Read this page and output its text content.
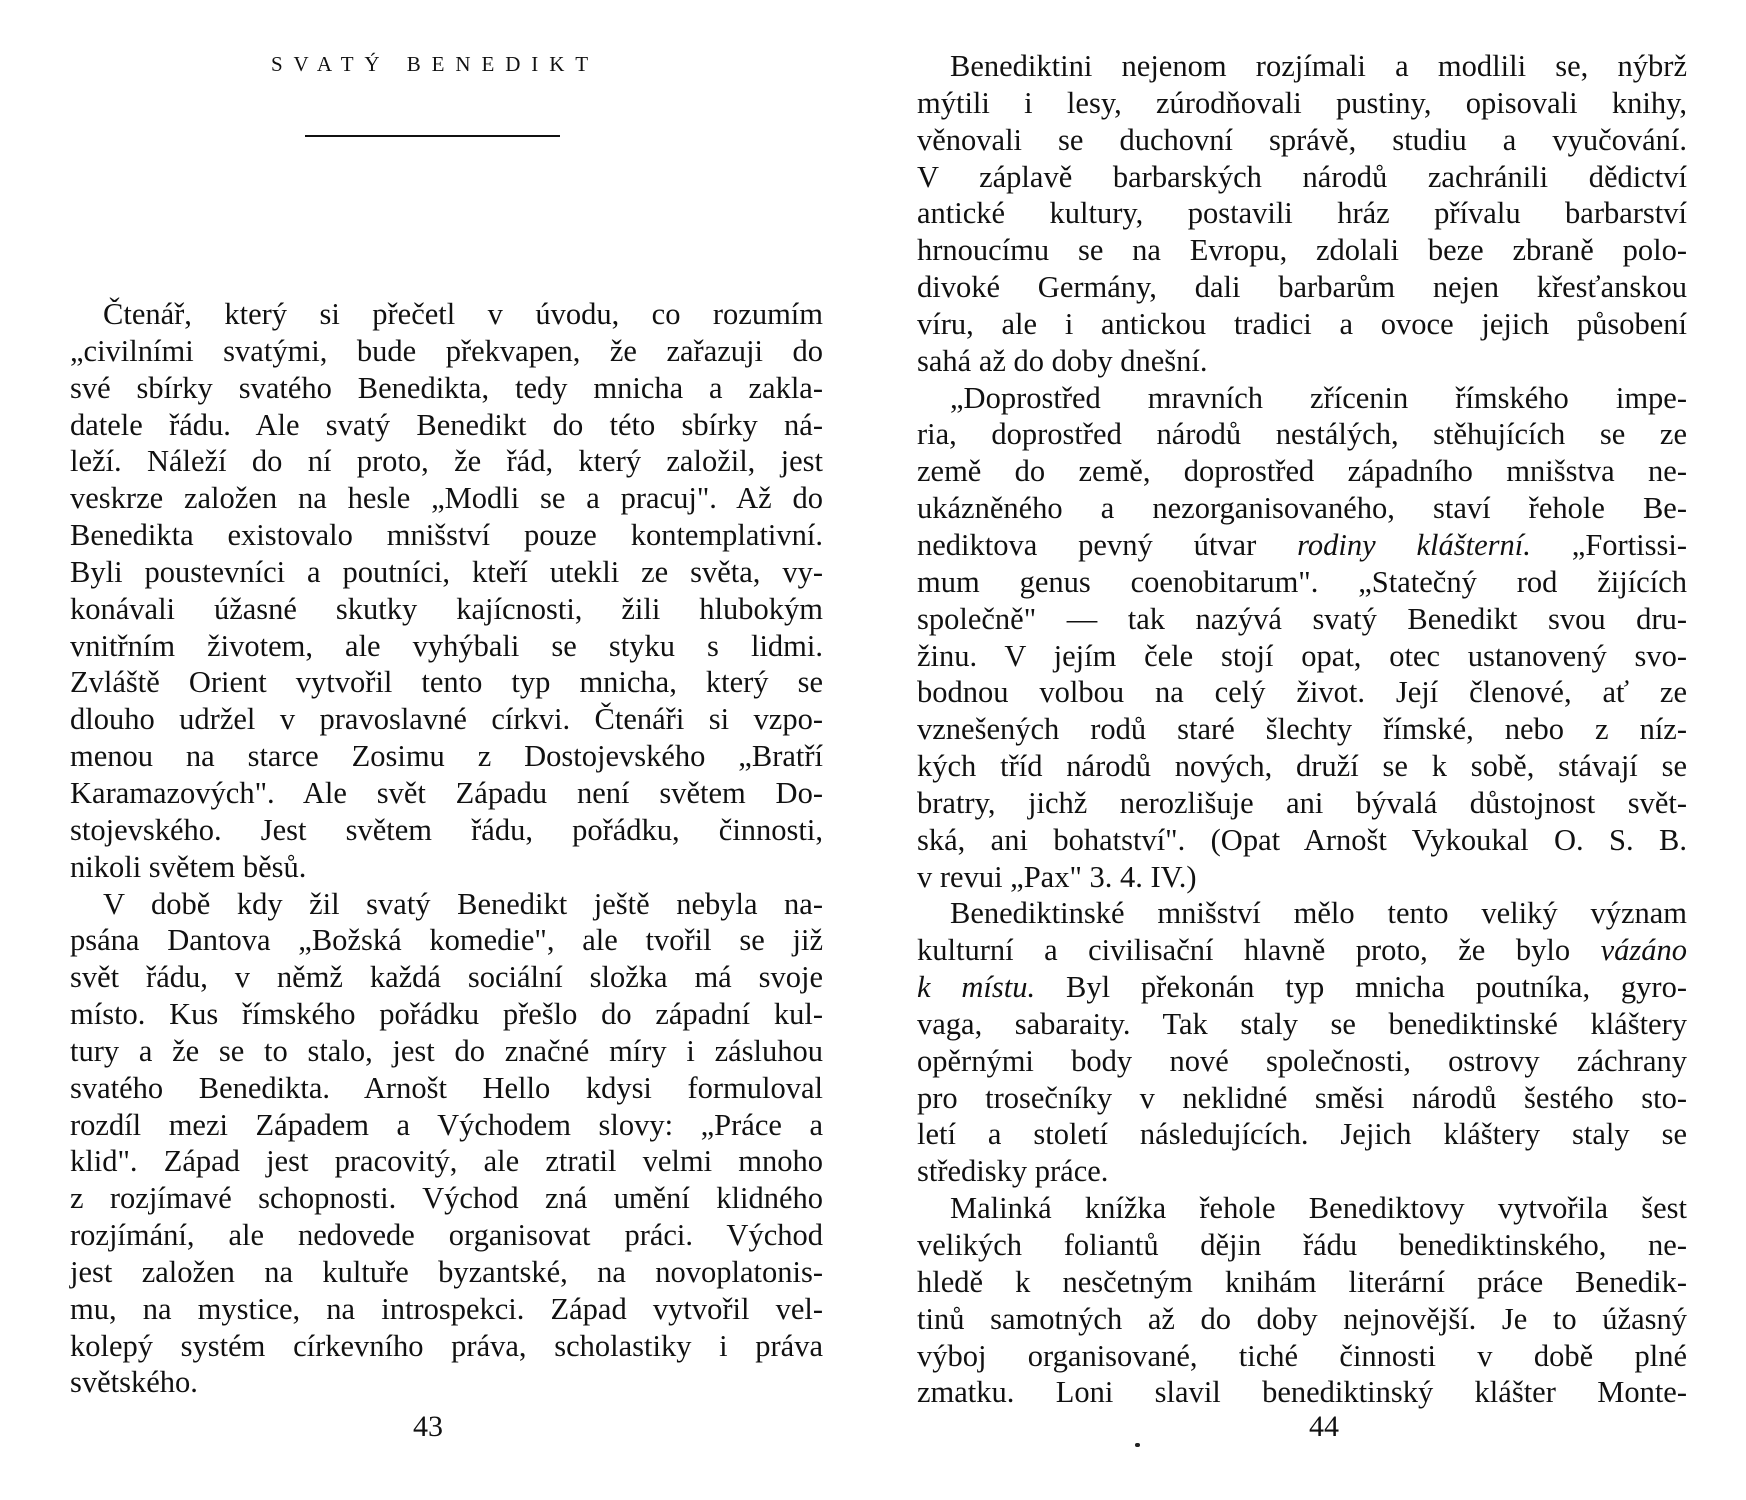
SVATÝ BENEDIKT
Čtenář, který si přečetl v úvodu, co rozumím
„civilními svatými, bude překvapen, že zařazuji do
své sbírky svatého Benedikta, tedy mnicha a zakla-
datele řádu. Ale svatý Benedikt do této sbírky ná-
leží. Náleží do ní proto, že řád, který založil, jest
veskrze založen na hesle „Modli se a pracuj". Až do
Benedikta existovalo mnišství pouze kontemplativní.
Byli poustevníci a poutníci, kteří utekli ze světa, vy-
konávali úžasné skutky kajícnosti, žili hlubokým
vnitřním životem, ale vyhýbali se styku s lidmi.
Zvláště Orient vytvořil tento typ mnicha, který se
dlouho udržel v pravoslavné církvi. Čtenáři si vzpo-
menou na starce Zosimu z Dostojevského „Bratří
Karamazových". Ale svět Západu není světem Do-
stojevského. Jest světem řádu, pořádku, činnosti,
nikoli světem běsů.
V době kdy žil svatý Benedikt ještě nebyla na-
psána Dantova „Božská komedie", ale tvořil se již
svět řádu, v němž každá sociální složka má svoje
místo. Kus římského pořádku přešlo do západní kul-
tury a že se to stalo, jest do značné míry i zásluhou
svatého Benedikta. Arnošt Hello kdysi formuloval
rozdíl mezi Západem a Východem slovy: „Práce a
klid". Západ jest pracovitý, ale ztratil velmi mnoho
z rozjímavé schopnosti. Východ zná umění klidného
rozjímání, ale nedovede organisovat práci. Východ
jest založen na kultuře byzantské, na novoplatonis-
mu, na mystice, na introspekci. Západ vytvořil vel-
kolepý systém církevního práva, scholastiky i práva
světského.
43
Benediktini nejenom rozjímali a modlili se, nýbrž
mýtili i lesy, zúrodňovali pustiny, opisovali knihy,
věnovali se duchovní správě, studiu a vyučování.
V záplavě barbarských národů zachránili dědictví
antické kultury, postavili hráz přívalu barbarství
hrnoucímu se na Evropu, zdolali beze zbraně polo-
divoké Germány, dali barbarům nejen křesťanskou
víru, ale i antickou tradici a ovoce jejich působení
sahá až do doby dnešní.
„Doprostřed mravních zřícenin římského impe-
ria, doprostřed národů nestálých, stěhujících se ze
země do země, doprostřed západního mnišstva ne-
ukázněného a nezorganisovaného, staví řehole Be-
nediktova pevný útvar rodiny klášterní. „Fortissi-
mum genus coenobitarum". „Statečný rod žijících
společně" — tak nazývá svatý Benedikt svou dru-
žinu. V jejím čele stojí opat, otec ustanovený svo-
bodnou volbou na celý život. Její členové, ať ze
vznešených rodů staré šlechty římské, nebo z níz-
kých tříd národů nových, druží se k sobě, stávají se
bratry, jichž nerozlišuje ani bývalá důstojnost svět-
ská, ani bohatství". (Opat Arnošt Vykoukal O. S. B.
v revui „Pax" 3. 4. IV.)
Benediktinské mnišství mělo tento veliký význam
kulturní a civilisační hlavně proto, že bylo vázáno
k místu. Byl překonán typ mnicha poutníka, gyro-
vaga, sabaraity. Tak staly se benediktinské kláštery
opěrnými body nové společnosti, ostrovy záchrany
pro trosečníky v neklidné směsi národů šestého sto-
letí a století následujících. Jejich kláštery staly se
středisky práce.
Malinká knížka řehole Benediktovy vytvořila šest
velikých foliantů dějin řádu benediktinského, ne-
hledě k nesčetným knihám literární práce Benedik-
tinů samotných až do doby nejnovější. Je to úžasný
výboj organisované, tiché činnosti v době plné
zmatku. Loni slavil benediktinský klášter Monte-
44
